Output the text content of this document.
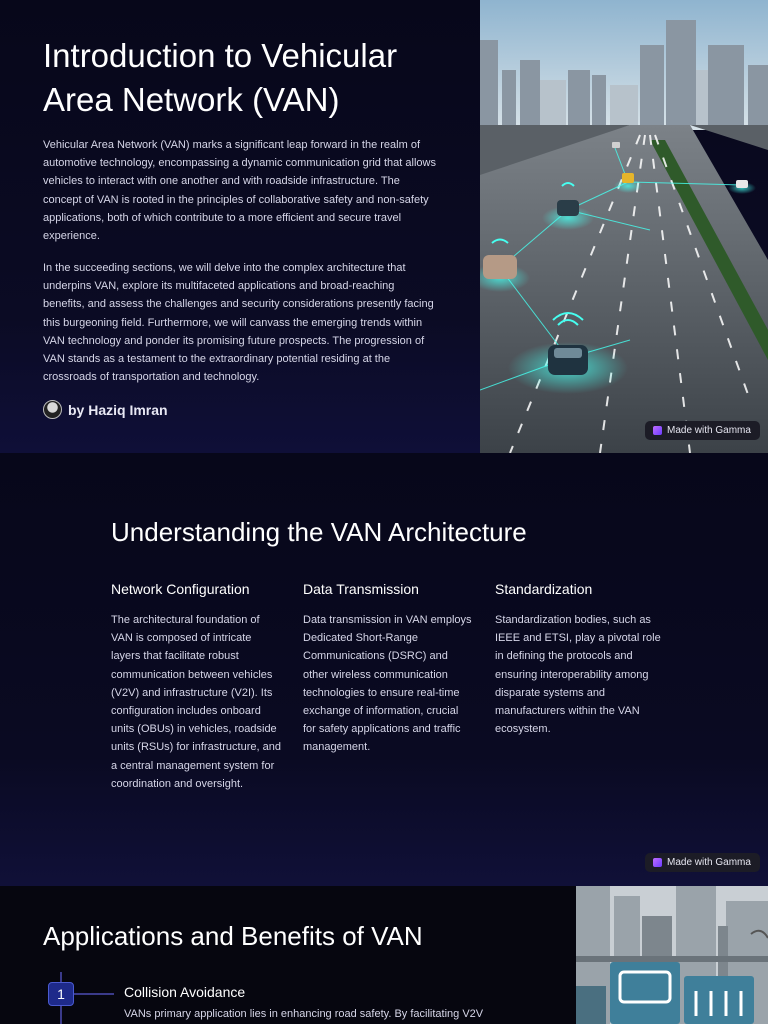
Introduction to Vehicular Area Network (VAN)

Vehicular Area Network (VAN) marks a significant leap forward in the realm of automotive technology, encompassing a dynamic communication grid that allows vehicles to interact with one another and with roadside infrastructure. The concept of VAN is rooted in the principles of collaborative safety and non-safety applications, both of which contribute to a more efficient and secure travel experience.

In the succeeding sections, we will delve into the complex architecture that underpins VAN, explore its multifaceted applications and broad-reaching benefits, and assess the challenges and security considerations presently facing this burgeoning field. Furthermore, we will canvass the emerging trends within VAN technology and ponder its promising future prospects. The progression of VAN stands as a testament to the extraordinary potential residing at the crossroads of transportation and technology.

by Haziq Imran
Made with Gamma
Understanding the VAN Architecture
Network Configuration

The architectural foundation of VAN is composed of intricate layers that facilitate robust communication between vehicles (V2V) and infrastructure (V2I). Its configuration includes onboard units (OBUs) in vehicles, roadside units (RSUs) for infrastructure, and a central management system for coordination and oversight.

Data Transmission

Data transmission in VAN employs Dedicated Short-Range Communications (DSRC) and other wireless communication technologies to ensure real-time exchange of information, crucial for safety applications and traffic management.

Standardization

Standardization bodies, such as IEEE and ETSI, play a pivotal role in defining the protocols and ensuring interoperability among disparate systems and manufacturers within the VAN ecosystem.

Made with Gamma
Applications and Benefits of VAN
1	Collision Avoidance
VANs primary application lies in enhancing road safety. By facilitating V2V
